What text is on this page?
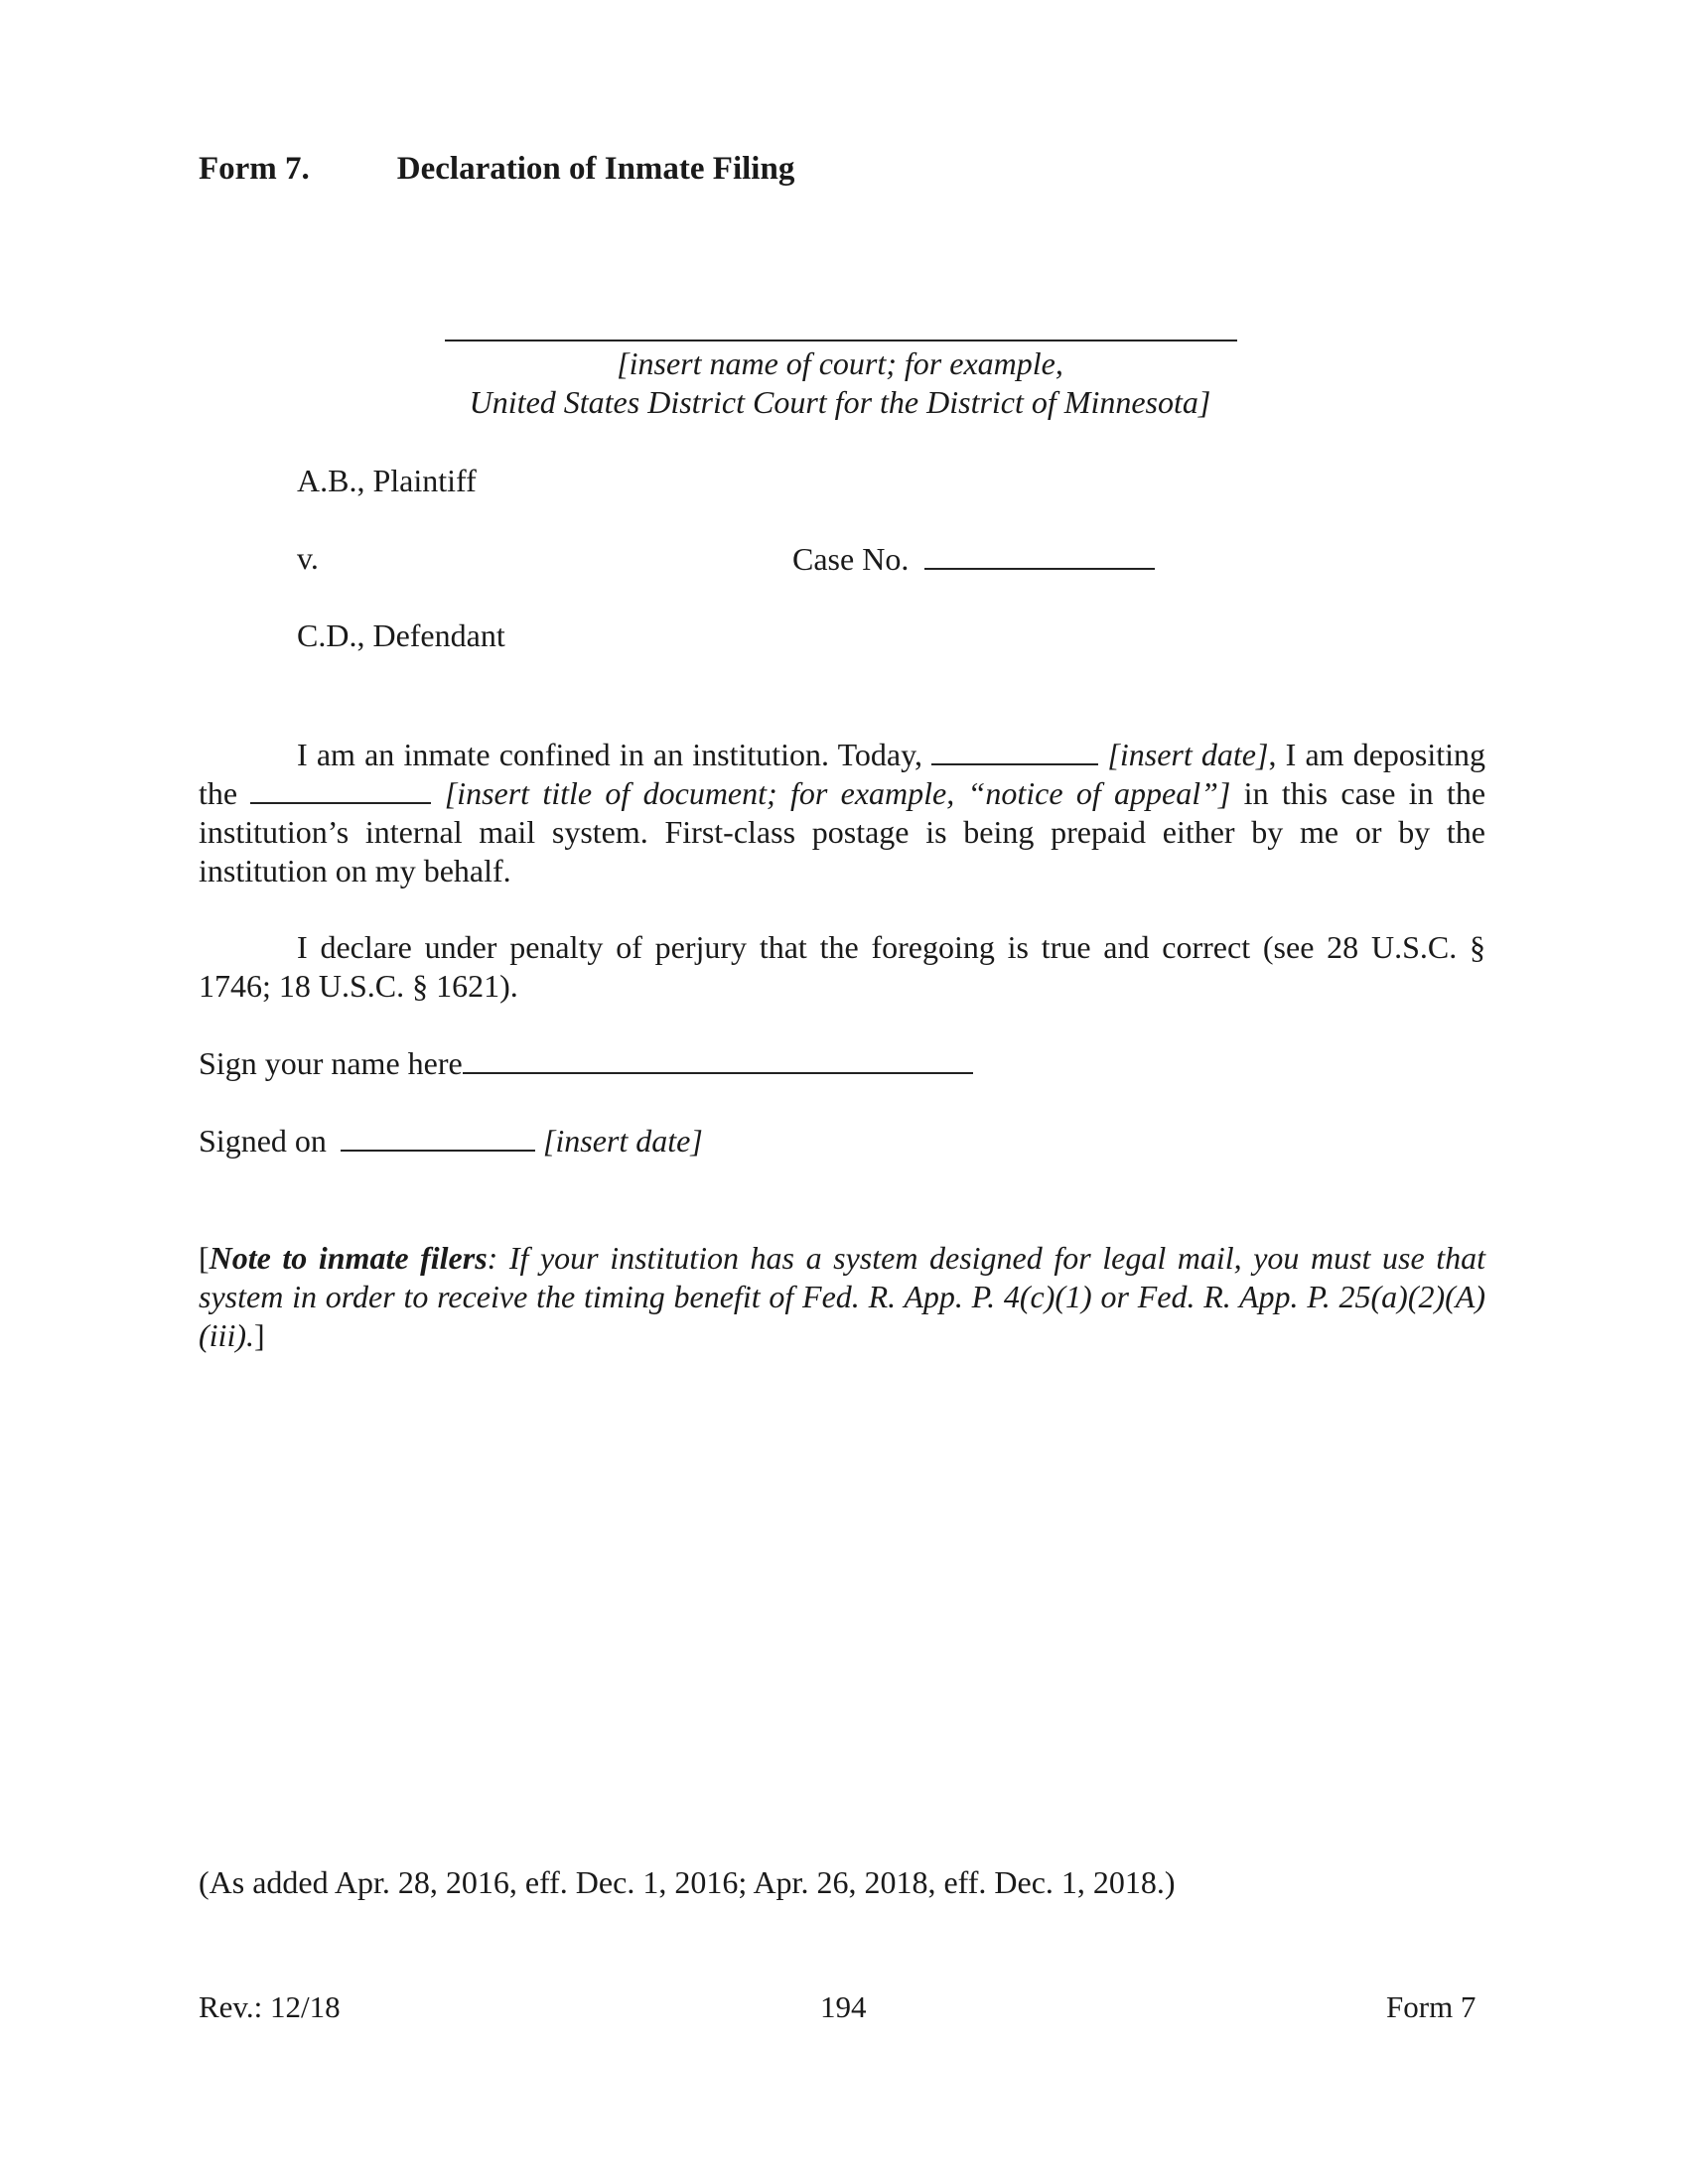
Form 7.	Declaration of Inmate Filing
[insert name of court; for example,
United States District Court for the District of Minnesota]
A.B., Plaintiff
v.	Case No.
C.D., Defendant
I am an inmate confined in an institution. Today,	[insert date], I am depositing the	[insert title of document; for example, “notice of appeal”] in this case in the institution’s internal mail system. First-class postage is being prepaid either by me or by the institution on my behalf.
I declare under penalty of perjury that the foregoing is true and correct (see 28 U.S.C. § 1746; 18 U.S.C. § 1621).
Sign your name here
Signed on	[insert date]
[Note to inmate filers: If your institution has a system designed for legal mail, you must use that system in order to receive the timing benefit of Fed. R. App. P. 4(c)(1) or Fed. R. App. P. 25(a)(2)(A)(iii).]
(As added Apr. 28, 2016, eff. Dec. 1, 2016; Apr. 26, 2018, eff. Dec. 1, 2018.)
Rev.: 12/18	194	Form 7
